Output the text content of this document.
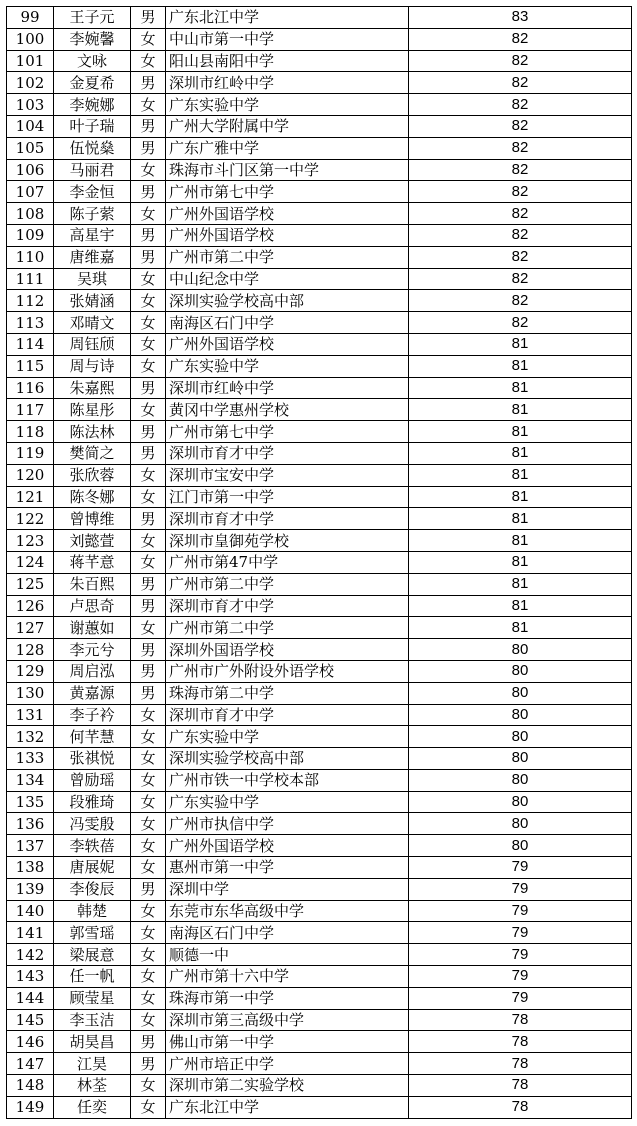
99	王子元	男	广东北江中学	83
100	李婉馨	女	中山市第一中学	82
101	文咏	女	阳山县南阳中学	82
102	金夏希	男	深圳市红岭中学	82
103	李婉娜	女	广东实验中学	82
104	叶子瑞	男	广州大学附属中学	82
105	伍悦燊	男	广东广雅中学	82
106	马丽君	女	珠海市斗门区第一中学	82
107	李金恒	男	广州市第七中学	82
108	陈子萦	女	广州外国语学校	82
109	高星宇	男	广州外国语学校	82
110	唐维嘉	男	广州市第二中学	82
111	吴琪	女	中山纪念中学	82
112	张婧涵	女	深圳实验学校高中部	82
113	邓晴文	女	南海区石门中学	82
114	周钰颀	女	广州外国语学校	81
115	周与诗	女	广东实验中学	81
116	朱嘉熙	男	深圳市红岭中学	81
117	陈星彤	女	黄冈中学惠州学校	81
118	陈法林	男	广州市第七中学	81
119	樊简之	男	深圳市育才中学	81
120	张欣蓉	女	深圳市宝安中学	81
121	陈冬娜	女	江门市第一中学	81
122	曾博维	男	深圳市育才中学	81
123	刘懿萱	女	深圳市皇御苑学校	81
124	蒋芊意	女	广州市第47中学	81
125	朱百熙	男	广州市第二中学	81
126	卢思奇	男	深圳市育才中学	81
127	谢蕙如	女	广州市第二中学	81
128	李元兮	男	深圳外国语学校	80
129	周启泓	男	广州市广外附设外语学校	80
130	黄嘉源	男	珠海市第二中学	80
131	李子衿	女	深圳市育才中学	80
132	何芊慧	女	广东实验中学	80
133	张祺悦	女	深圳实验学校高中部	80
134	曾励瑶	女	广州市铁一中学校本部	80
135	段雅琦	女	广东实验中学	80
136	冯雯殷	女	广州市执信中学	80
137	李轶蓓	女	广州外国语学校	80
138	唐展妮	女	惠州市第一中学	79
139	李俊辰	男	深圳中学	79
140	韩楚	女	东莞市东华高级中学	79
141	郭雪瑶	女	南海区石门中学	79
142	梁展意	女	顺德一中	79
143	任一帆	女	广州市第十六中学	79
144	顾莹星	女	珠海市第一中学	79
145	李玉洁	女	深圳市第三高级中学	78
146	胡昊昌	男	佛山市第一中学	78
147	江昊	男	广州市培正中学	78
148	林荃	女	深圳市第二实验学校	78
149	任奕	女	广东北江中学	78
